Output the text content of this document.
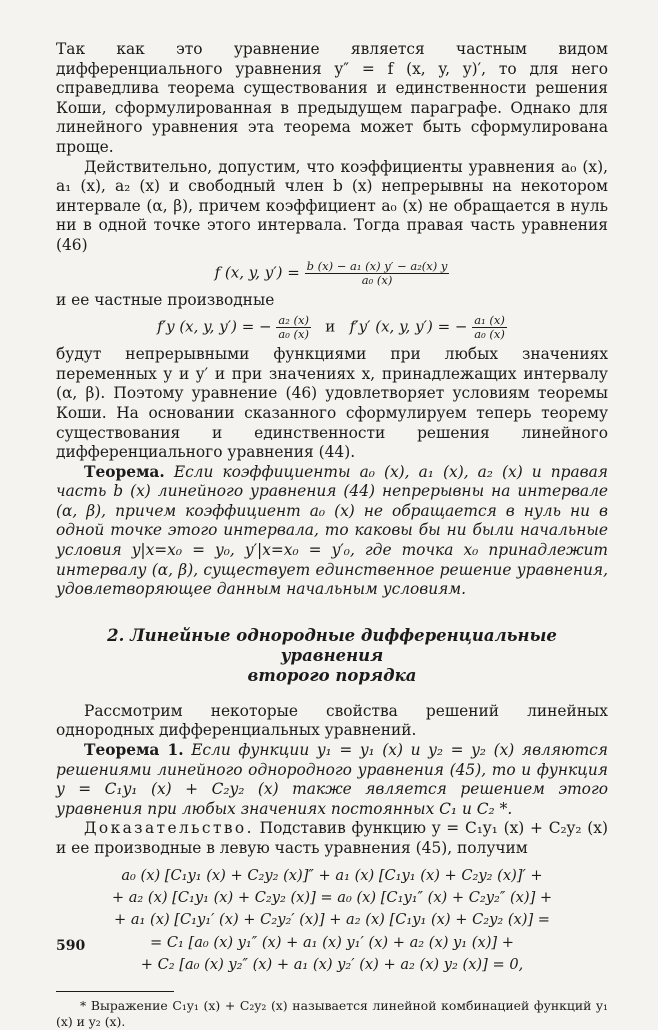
Так как это уравнение является частным видом дифференциального уравнения y″ = f (x, y, y)′, то для него справедлива теорема существования и единственности решения Коши, сформулированная в предыдущем параграфе. Однако для линейного уравнения эта теорема может быть сформулирована проще.

Действительно, допустим, что коэффициенты уравнения a₀ (x), a₁ (x), a₂ (x) и свободный член b (x) непрерывны на некотором интервале (α, β), причем коэффициент a₀ (x) не обращается в нуль ни в одной точке этого интервала. Тогда правая часть уравнения (46)

f (x, y, $y') = \frac{\text{b (x) − a₁ (x) y′ − a₂(x) y}}{\text{a₀ (x)}}$

и ее частные производные

f′y (x, y, y′) = − $\frac{\text{a₂ (x)}}{\text{a₀ (x)}}$ и f′y′ (x, y, y′) = − $\frac{\text{a₁ (x)}}{\text{a₀ (x)}}$

будут непрерывными функциями при любых значениях переменных y и y′ и при значениях x, принадлежащих интервалу (α, β). Поэтому уравнение (46) удовлетворяет условиям теоремы Коши. На основании сказанного сформулируем теперь теорему существования и единственности решения линейного дифференциального уравнения (44).

Теорема. Если коэффициенты a₀ (x), a₁ (x), a₂ (x) и правая часть b (x) линейного уравнения (44) непрерывны на интервале (α, β), причем коэффициент a₀ (x) не обращается в нуль ни в одной точке этого интервала, то каковы бы ни были начальные условия y|x=x₀ = y₀, y′|x=x₀ = y′₀, где точка x₀ принадлежит интервалу (α, β), существует единственное решение уравнения, удовлетворяющее данным начальным условиям.

2. Линейные однородные дифференциальные уравнения
второго порядка

Рассмотрим некоторые свойства решений линейных однородных дифференциальных уравнений.

Теорема 1. Если функции y₁ = y₁ (x) и y₂ = y₂ (x) являются решениями линейного однородного уравнения (45), то и функция y = C₁y₁ (x) + C₂y₂ (x) также является решением этого уравнения при любых значениях постоянных C₁ и C₂ *.

Доказательство. Подставив функцию y = C₁y₁ (x) + C₂y₂ (x) и ее производные в левую часть уравнения (45), получим

a₀ (x) [C₁y₁ (x) + C₂y₂ (x)]″ + a₁ (x) [C₁y₁ (x) + C₂y₂ (x)]′ +
+ a₂ (x) [C₁y₁ (x) + C₂y₂ (x)] = a₀ (x) [C₁y₁″ (x) + C₂y₂″ (x)] +
+ a₁ (x) [C₁y₁′ (x) + C₂y₂′ (x)] + a₂ (x) [C₁y₁ (x) + C₂y₂ (x)] =
= C₁ [a₀ (x) y₁″ (x) + a₁ (x) y₁′ (x) + a₂ (x) y₁ (x)] +
+ C₂ [a₀ (x) y₂″ (x) + a₁ (x) y₂′ (x) + a₂ (x) y₂ (x)] = 0,

* Выражение C₁y₁ (x) + C₂y₂ (x) называется линейной комбинацией функций y₁ (x) и y₂ (x).

590
